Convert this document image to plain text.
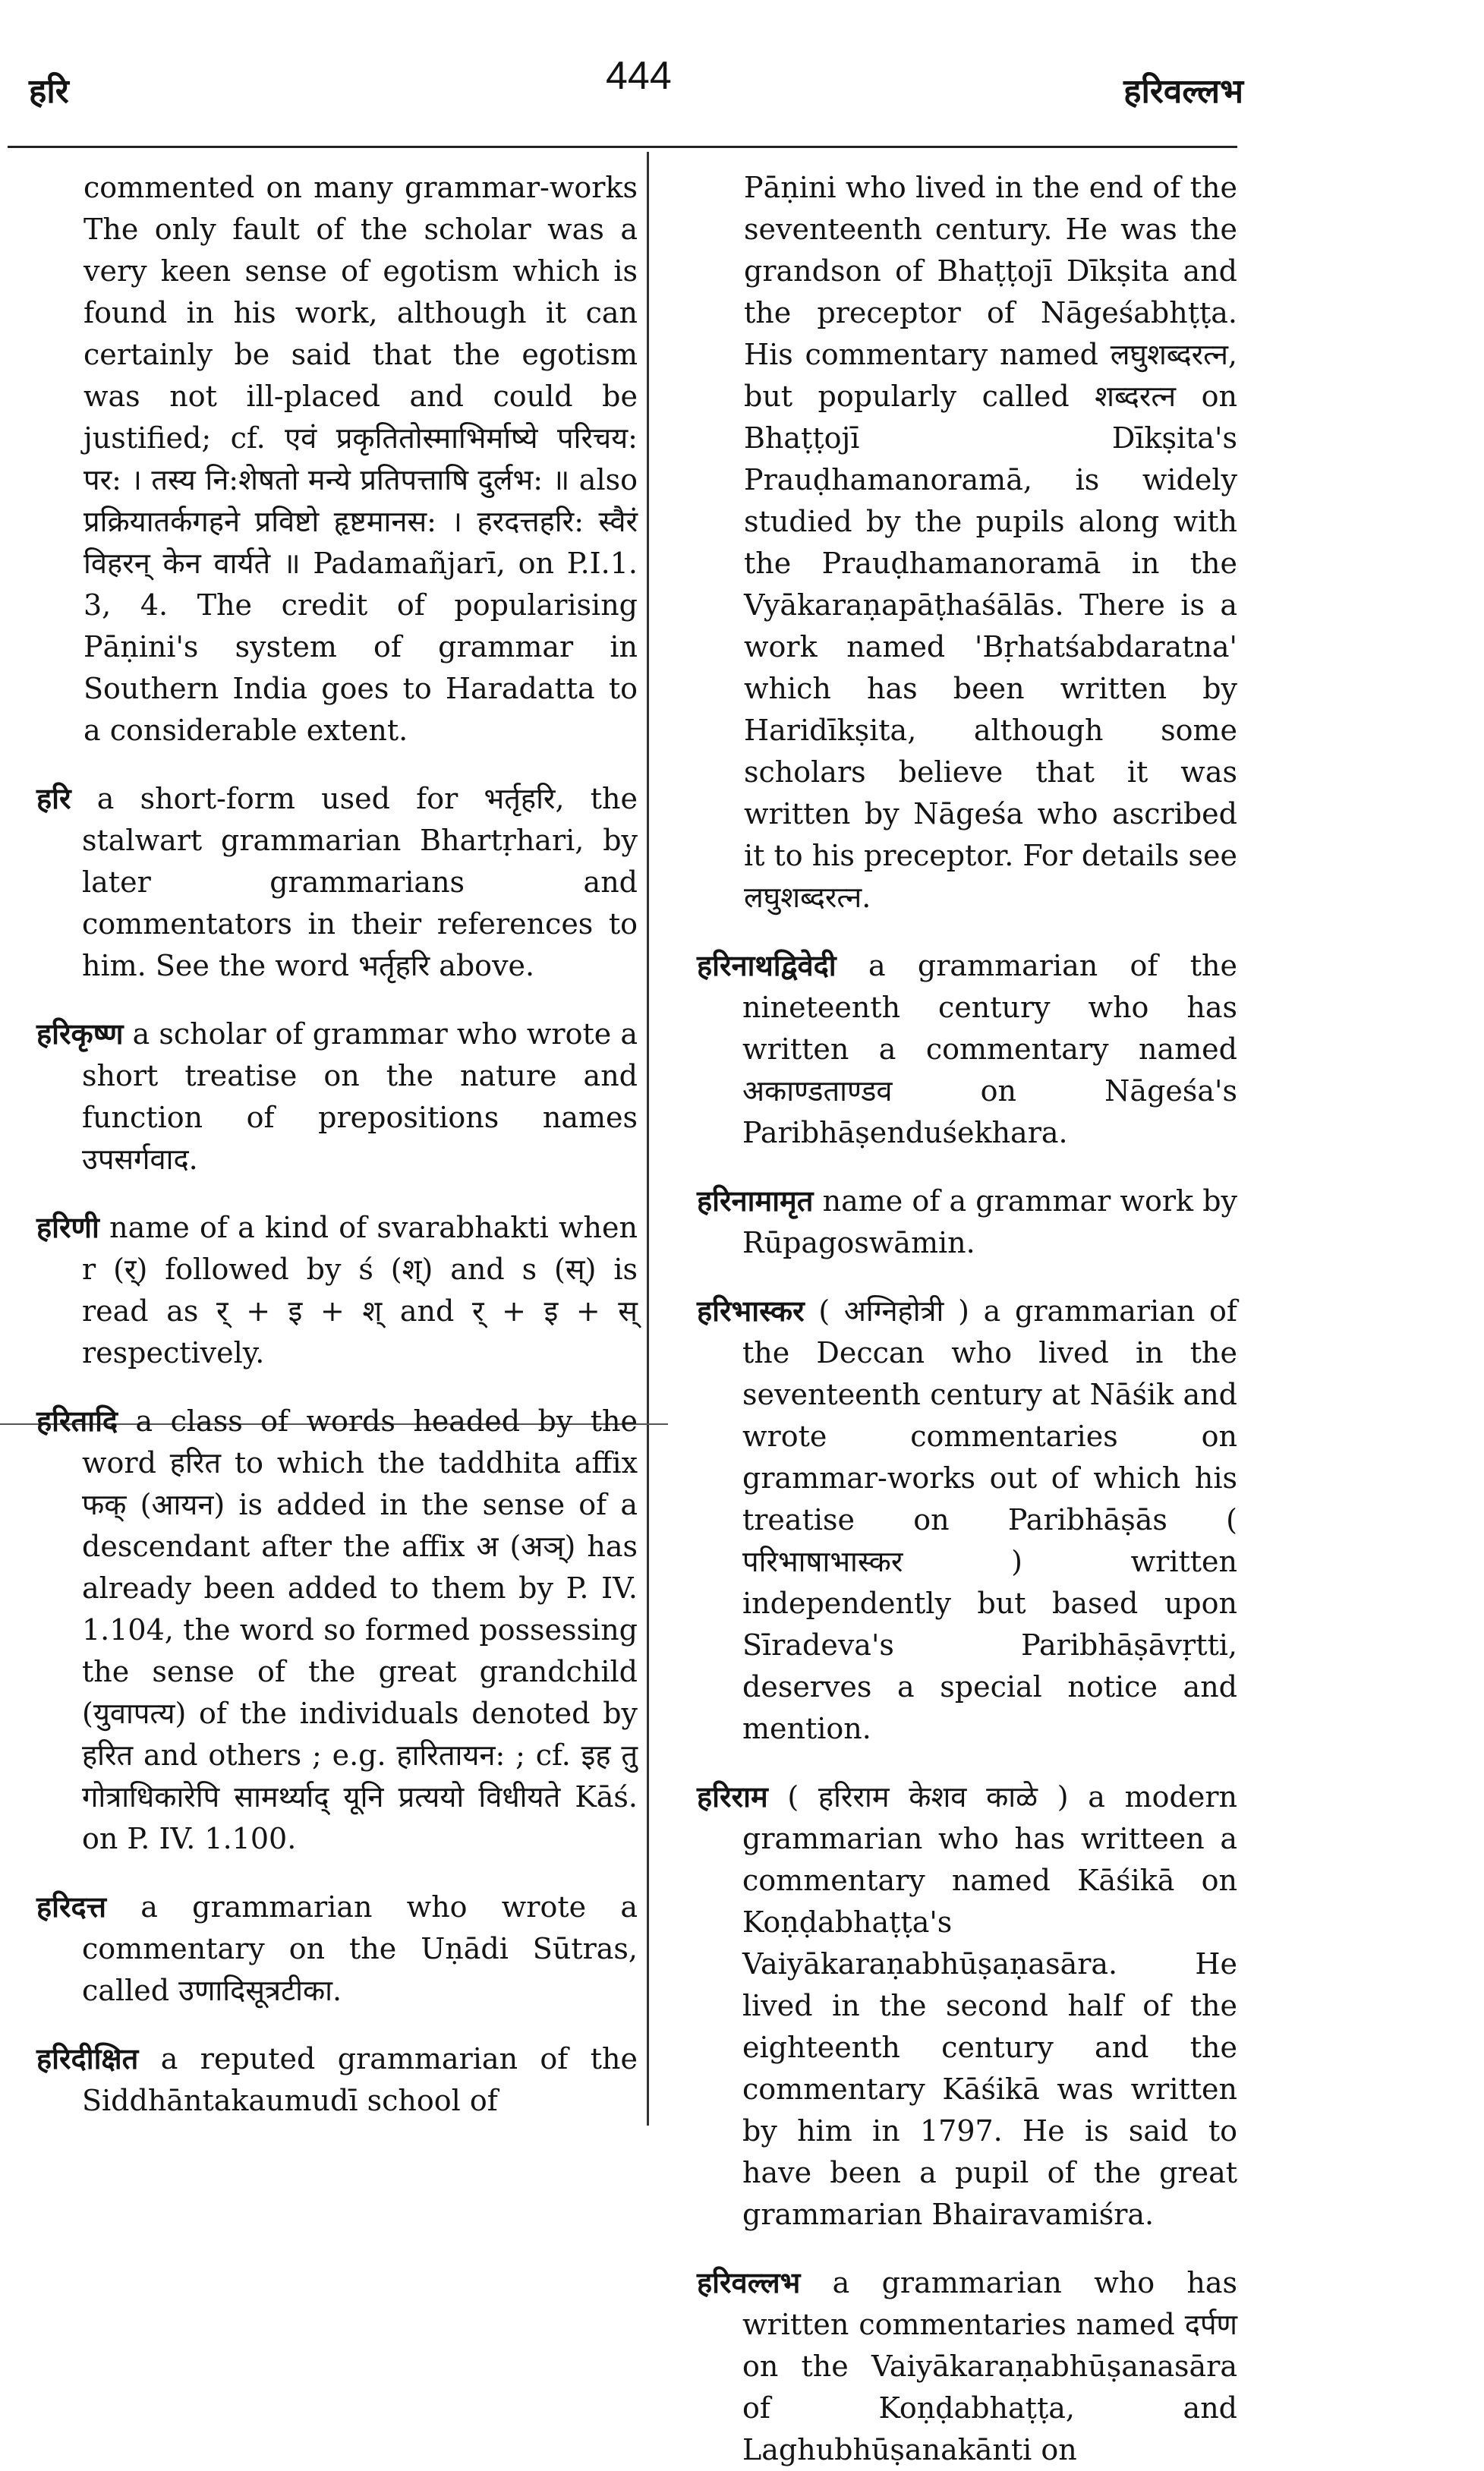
हरि	444	हरिवल्लभ

commented on many grammar-works The only fault of the scholar was a very keen sense of egotism which is found in his work, although it can certainly be said that the egotism was not ill-placed and could be justified; cf. एवं प्रकृतितोस्माभिर्माष्ये परिचय: पर: । तस्य नि:शेषतो मन्ये प्रतिपत्ताषि दुर्लभ: ॥ also प्रक्रियातर्कगहने प्रविष्टो हृष्टमानस: । हरदत्तहरि: स्वैरं विहरन् केन वार्यते ॥ Padamañjarī, on P.I.1. 3, 4. The credit of popularising Pāṇini's system of grammar in Southern India goes to Haradatta to a considerable extent.

हरि a short-form used for भर्तृहरि, the stalwart grammarian Bhartṛhari, by later grammarians and commentators in their references to him. See the word भर्तृहरि above.

हरिकृष्ण a scholar of grammar who wrote a short treatise on the nature and function of prepositions names उपसर्गवाद.

हरिणी name of a kind of svarabhakti when r (र्) followed by ś (श्) and s (स्) is read as र् + इ + श् and र् + इ + स् respectively.

हरितादि a class of words headed by the word हरित to which the taddhita affix फक् (आयन) is added in the sense of a descendant after the affix अ (अञ्) has already been added to them by P. IV. 1.104, the word so formed possessing the sense of the great grandchild (युवापत्य) of the individuals denoted by हरित and others ; e.g. हारितायन: ; cf. इह तु गोत्राधिकारेपि सामर्थ्याद् यूनि प्रत्ययो विधीयते Kāś. on P. IV. 1.100.

हरिदत्त a grammarian who wrote a commentary on the Uṇādi Sūtras, called उणादिसूत्रटीका.

हरिदीक्षित a reputed grammarian of the Siddhāntakaumudī school of

Pāṇini who lived in the end of the seventeenth century. He was the grandson of Bhaṭṭojī Dīkṣita and the preceptor of Nāgeśabhṭṭa. His commentary named लघुशब्दरत्न, but popularly called शब्दरत्न on Bhaṭṭojī Dīkṣita's Prauḍhamanoramā, is widely studied by the pupils along with the Prauḍhamanoramā in the Vyākaraṇapāṭhaśālās. There is a work named 'Bṛhatśabdaratna' which has been written by Haridīkṣita, although some scholars believe that it was written by Nāgeśa who ascribed it to his preceptor. For details see लघुशब्दरत्न.

हरिनाथद्विवेदी a grammarian of the nineteenth century who has written a commentary named अकाण्डताण्डव on Nāgeśa's Paribhāṣenduśekhara.

हरिनामामृत name of a grammar work by Rūpagoswāmin.

हरिभास्कर ( अग्निहोत्री ) a grammarian of the Deccan who lived in the seventeenth century at Nāśik and wrote commentaries on grammar-works out of which his treatise on Paribhāṣās ( परिभाषाभास्कर ) written independently but based upon Sīradeva's Paribhāṣāvṛtti, deserves a special notice and mention.

हरिराम ( हरिराम केशव काळे ) a modern grammarian who has writteen a commentary named Kāśikā on Koṇḍabhaṭṭa's Vaiyākaraṇabhūṣaṇasāra. He lived in the second half of the eighteenth century and the commentary Kāśikā was written by him in 1797. He is said to have been a pupil of the great grammarian Bhairavamiśra.

हरिवल्लभ a grammarian who has written commentaries named दर्पण on the Vaiyākaraṇabhūṣanasāra of Koṇḍabhaṭṭa, and Laghubhūṣanakānti on
